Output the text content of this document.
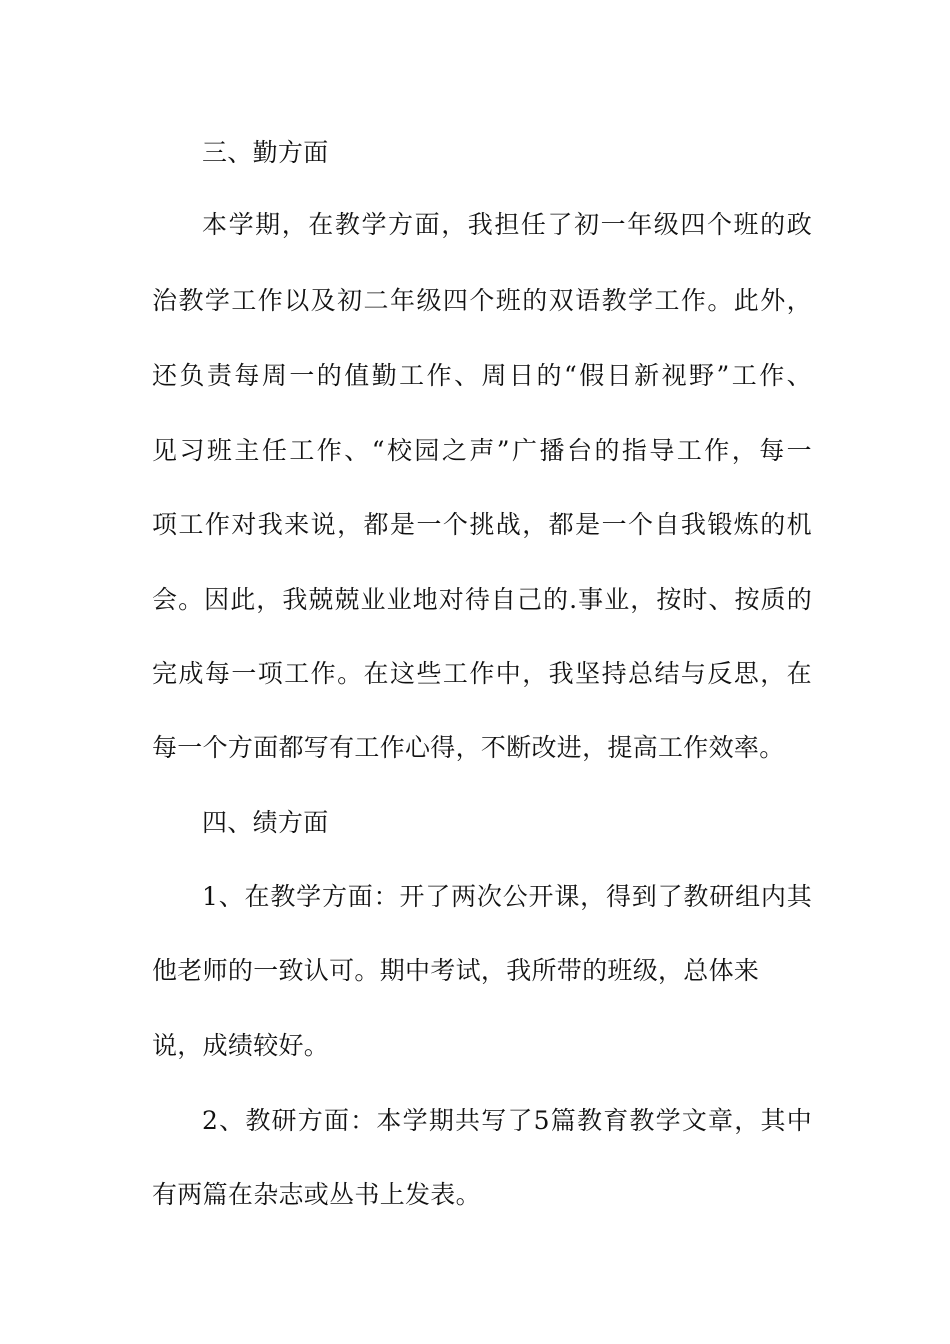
三、勤方面
本学期，在教学方面，我担任了初一年级四个班的政
治教学工作以及初二年级四个班的双语教学工作。此外，
还负责每周一的值勤工作、周日的“假日新视野”工作、
见习班主任工作、“校园之声”广播台的指导工作，每一
项工作对我来说，都是一个挑战，都是一个自我锻炼的机
会。因此，我兢兢业业地对待自己的.事业，按时、按质的
完成每一项工作。在这些工作中，我坚持总结与反思，在
每一个方面都写有工作心得，不断改进，提高工作效率。
四、绩方面
1、在教学方面：开了两次公开课，得到了教研组内其
他老师的一致认可。期中考试，我所带的班级，总体来
说，成绩较好。
2、教研方面：本学期共写了5篇教育教学文章，其中
有两篇在杂志或丛书上发表。
